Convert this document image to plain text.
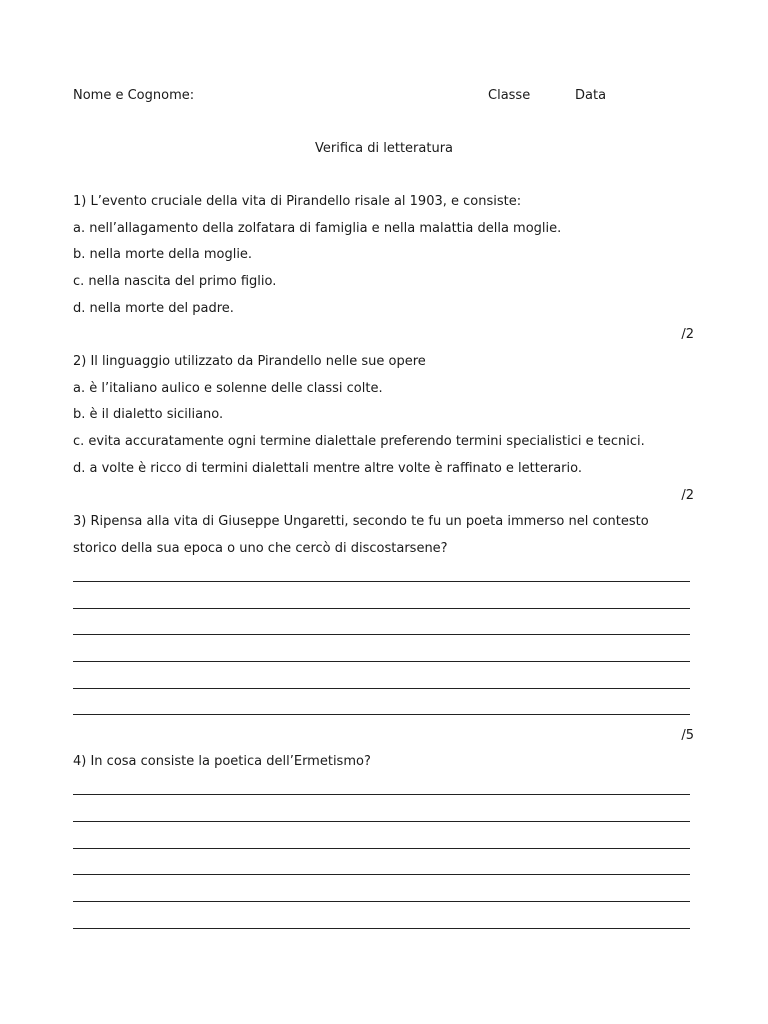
Nome e Cognome:	Classe	Data
Verifica di letteratura
1) L’evento cruciale della vita di Pirandello risale al 1903, e consiste:
a. nell’allagamento della zolfatara di famiglia e nella malattia della moglie.
b. nella morte della moglie.
c. nella nascita del primo figlio.
d. nella morte del padre.
/2
2) Il linguaggio utilizzato da Pirandello nelle sue opere
a. è l’italiano aulico e solenne delle classi colte.
b. è il dialetto siciliano.
c. evita accuratamente ogni termine dialettale preferendo termini specialistici e tecnici.
d. a volte è ricco di termini dialettali mentre altre volte è raffinato e letterario.
/2
3) Ripensa alla vita di Giuseppe Ungaretti, secondo te fu un poeta immerso nel contesto
storico della sua epoca o uno che cercò di discostarsene?
/5
4) In cosa consiste la poetica dell’Ermetismo?
